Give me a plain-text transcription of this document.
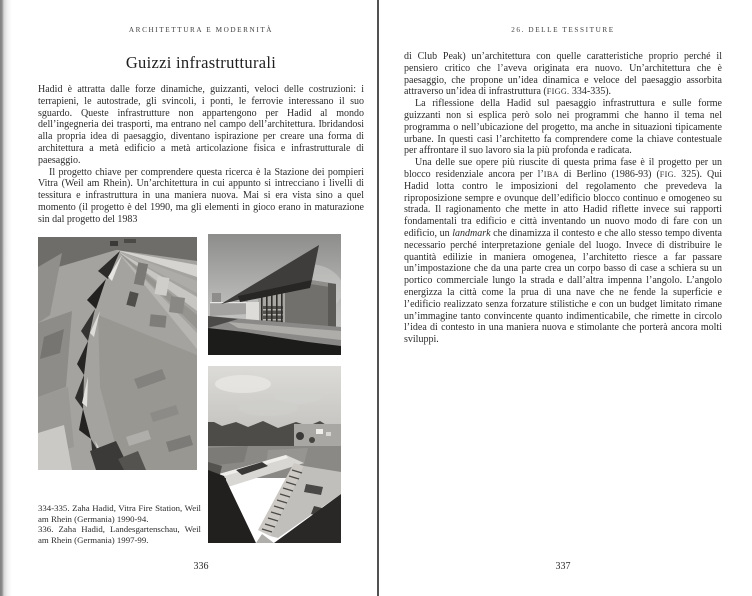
ARCHITETTURA E MODERNITÀ
Guizzi infrastrutturali

Hadid è attratta dalle forze dinamiche, guizzanti, veloci delle costruzioni: i terrapieni, le autostrade, gli svincoli, i ponti, le ferrovie interessano il suo sguardo. Queste infrastrutture non appartengono per Hadid al mondo dell’ingegneria dei trasporti, ma entrano nel campo dell’architettura. Ibridandosi alla propria idea di paesaggio, diventano ispirazione per creare una forma di architettura a metà edificio a metà articolazione fisica e infrastrutturale di paesaggio.

Il progetto chiave per comprendere questa ricerca è la Stazione dei pompieri Vitra (Weil am Rhein). Un’architettura in cui appunto si intrecciano i livelli di tessitura e infrastruttura in una maniera nuova. Mai si era vista sino a quel momento (il progetto è del 1990, ma gli elementi in gioco erano in maturazione sin dal progetto del 1983

334-335. Zaha Hadid, Vitra Fire Station, Weil am Rhein (Germania) 1990-94.
336. Zaha Hadid, Landesgartenschau, Weil am Rhein (Germania) 1997-99.
336
26. DELLE TESSITURE

di Club Peak) un’architettura con quelle caratteristiche proprio perché il pensiero critico che l’aveva originata era nuovo. Un’architettura che è paesaggio, che propone un’idea dinamica e veloce del paesaggio assorbita attraverso un’idea di infrastruttura (FIGG. 334-335).

La riflessione della Hadid sul paesaggio infrastruttura e sulle forme guizzanti non si esplica però solo nei programmi che hanno il tema nel programma o nell’ubicazione del progetto, ma anche in situazioni tipicamente urbane. In questi casi l’architetto fa comprendere come la chiave contestuale per affrontare il suo lavoro sia la più profonda e radicata.

Una delle sue opere più riuscite di questa prima fase è il progetto per un blocco residenziale ancora per l’IBA di Berlino (1986-93) (FIG. 325). Qui Hadid lotta contro le imposizioni del regolamento che prevedeva la riproposizione sempre e ovunque dell’edificio blocco continuo e omogeneo su strada. Il ragionamento che mette in atto Hadid riflette invece sui rapporti fondamentali tra edificio e città inventando un nuovo modo di fare con un edificio, un landmark che dinamizza il contesto e che allo stesso tempo diventa necessario perché interpretazione geniale del luogo. Invece di distribuire le quantità edilizie in maniera omogenea, l’architetto riesce a far passare un’impostazione che da una parte crea un corpo basso di case a schiera su un portico commerciale lungo la strada e dall’altra impenna l’angolo. L’angolo energizza la città come la prua di una nave che ne fende la superficie e l’edificio realizzato senza forzature stilistiche e con un budget limitato rimane un’immagine tanto convincente quanto indimenticabile, che rimette in circolo l’idea di contesto in una maniera nuova e stimolante che porterà ancora molti sviluppi.

337
